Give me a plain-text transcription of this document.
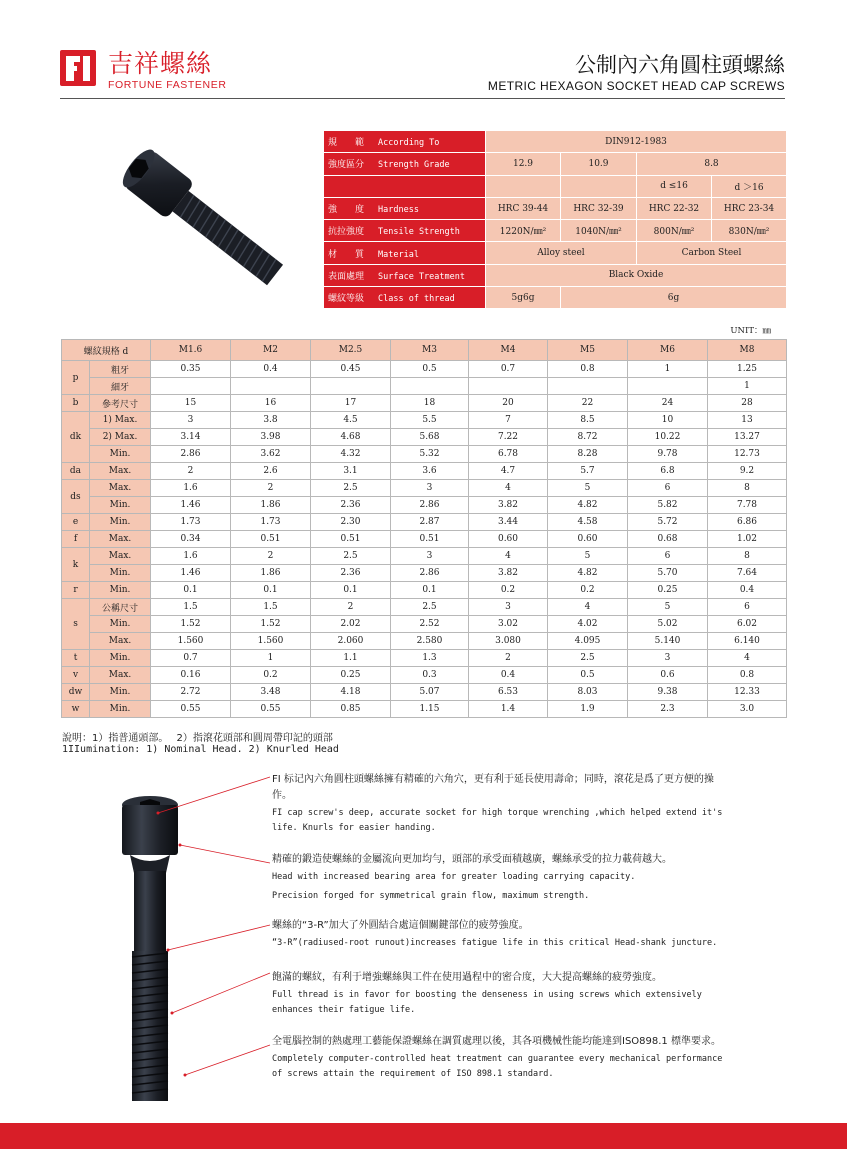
吉祥螺絲
FORTUNE FASTENER
公制內六角圓柱頭螺絲
METRIC HEXAGON SOCKET HEAD CAP SCREWS
規　　範 According To	DIN912-1983			
強度區分 Strength Grade	12.9	10.9	8.8	
			d ≤16	d ＞16
強　　度 Hardness	HRC 39-44	HRC 32-39	HRC 22-32	HRC 23-34
抗拉強度 Tensile Strength	1220N/㎜²	1040N/㎜²	800N/㎜²	830N/㎜²
材　　質 Material	Alloy steel		Carbon Steel	
表面處理 Surface Treatment	Black Oxide			
螺紋等級 Class of thread	5g6g	6g		
UNIT：㎜
螺紋規格 d		M1.6	M2	M2.5	M3	M4	M5	M6	M8
p	粗牙	0.35	0.4	0.45	0.5	0.7	0.8	1	1.25
	細牙								1
b	參考尺寸	15	16	17	18	20	22	24	28
dk	1) Max.	3	3.8	4.5	5.5	7	8.5	10	13
	2) Max.	3.14	3.98	4.68	5.68	7.22	8.72	10.22	13.27
	Min.	2.86	3.62	4.32	5.32	6.78	8.28	9.78	12.73
da	Max.	2	2.6	3.1	3.6	4.7	5.7	6.8	9.2
ds	Max.	1.6	2	2.5	3	4	5	6	8
	Min.	1.46	1.86	2.36	2.86	3.82	4.82	5.82	7.78
e	Min.	1.73	1.73	2.30	2.87	3.44	4.58	5.72	6.86
f	Max.	0.34	0.51	0.51	0.51	0.60	0.60	0.68	1.02
k	Max.	1.6	2	2.5	3	4	5	6	8
	Min.	1.46	1.86	2.36	2.86	3.82	4.82	5.70	7.64
r	Min.	0.1	0.1	0.1	0.1	0.2	0.2	0.25	0.4
s	公稱尺寸	1.5	1.5	2	2.5	3	4	5	6
	Min.	1.52	1.52	2.02	2.52	3.02	4.02	5.02	6.02
	Max.	1.560	1.560	2.060	2.580	3.080	4.095	5.140	6.140
t	Min.	0.7	1	1.1	1.3	2	2.5	3	4
v	Max.	0.16	0.2	0.25	0.3	0.4	0.5	0.6	0.8
dw	Min.	2.72	3.48	4.18	5.07	6.53	8.03	9.38	12.33
w	Min.	0.55	0.55	0.85	1.15	1.4	1.9	2.3	3.0
說明：1）指普通頭部。　 2）指滾花頭部和圓周帶印記的頭部
1IIumination: 1) Nominal Head. 2) Knurled Head
FI 标记內六角圓柱頭螺絲擁有精確的六角穴，更有利于延長使用壽命；同時，滾花是爲了更方便的操作。
FI cap screw's deep, accurate socket for high torque wrenching ,which helped extend it's life. Knurls for easier handing.
精確的鍛造使螺絲的金屬流向更加均勻，頭部的承受面積越廣，螺絲承受的拉力載荷越大。
Head with increased bearing area for greater loading carrying capacity.
Precision forged for symmetrical grain flow, maximum strength.
螺絲的“3-R”加大了外圓結合處這個關鍵部位的疲勞強度。
“3-R”(radiused-root runout)increases fatigue life in this critical Head-shank juncture.
飽滿的螺紋，有利于增強螺絲與工件在使用過程中的密合度，大大提高螺絲的疲勞強度。
Full thread is in favor for boosting the denseness in using screws which extensively enhances their fatigue life.
全電腦控制的熱處理工藝能保證螺絲在調質處理以後，其各項機械性能均能達到ISO898.1 標準要求。
Completely computer-controlled heat treatment can guarantee every mechanical performance of screws attain the requirement of ISO 898.1 standard.
